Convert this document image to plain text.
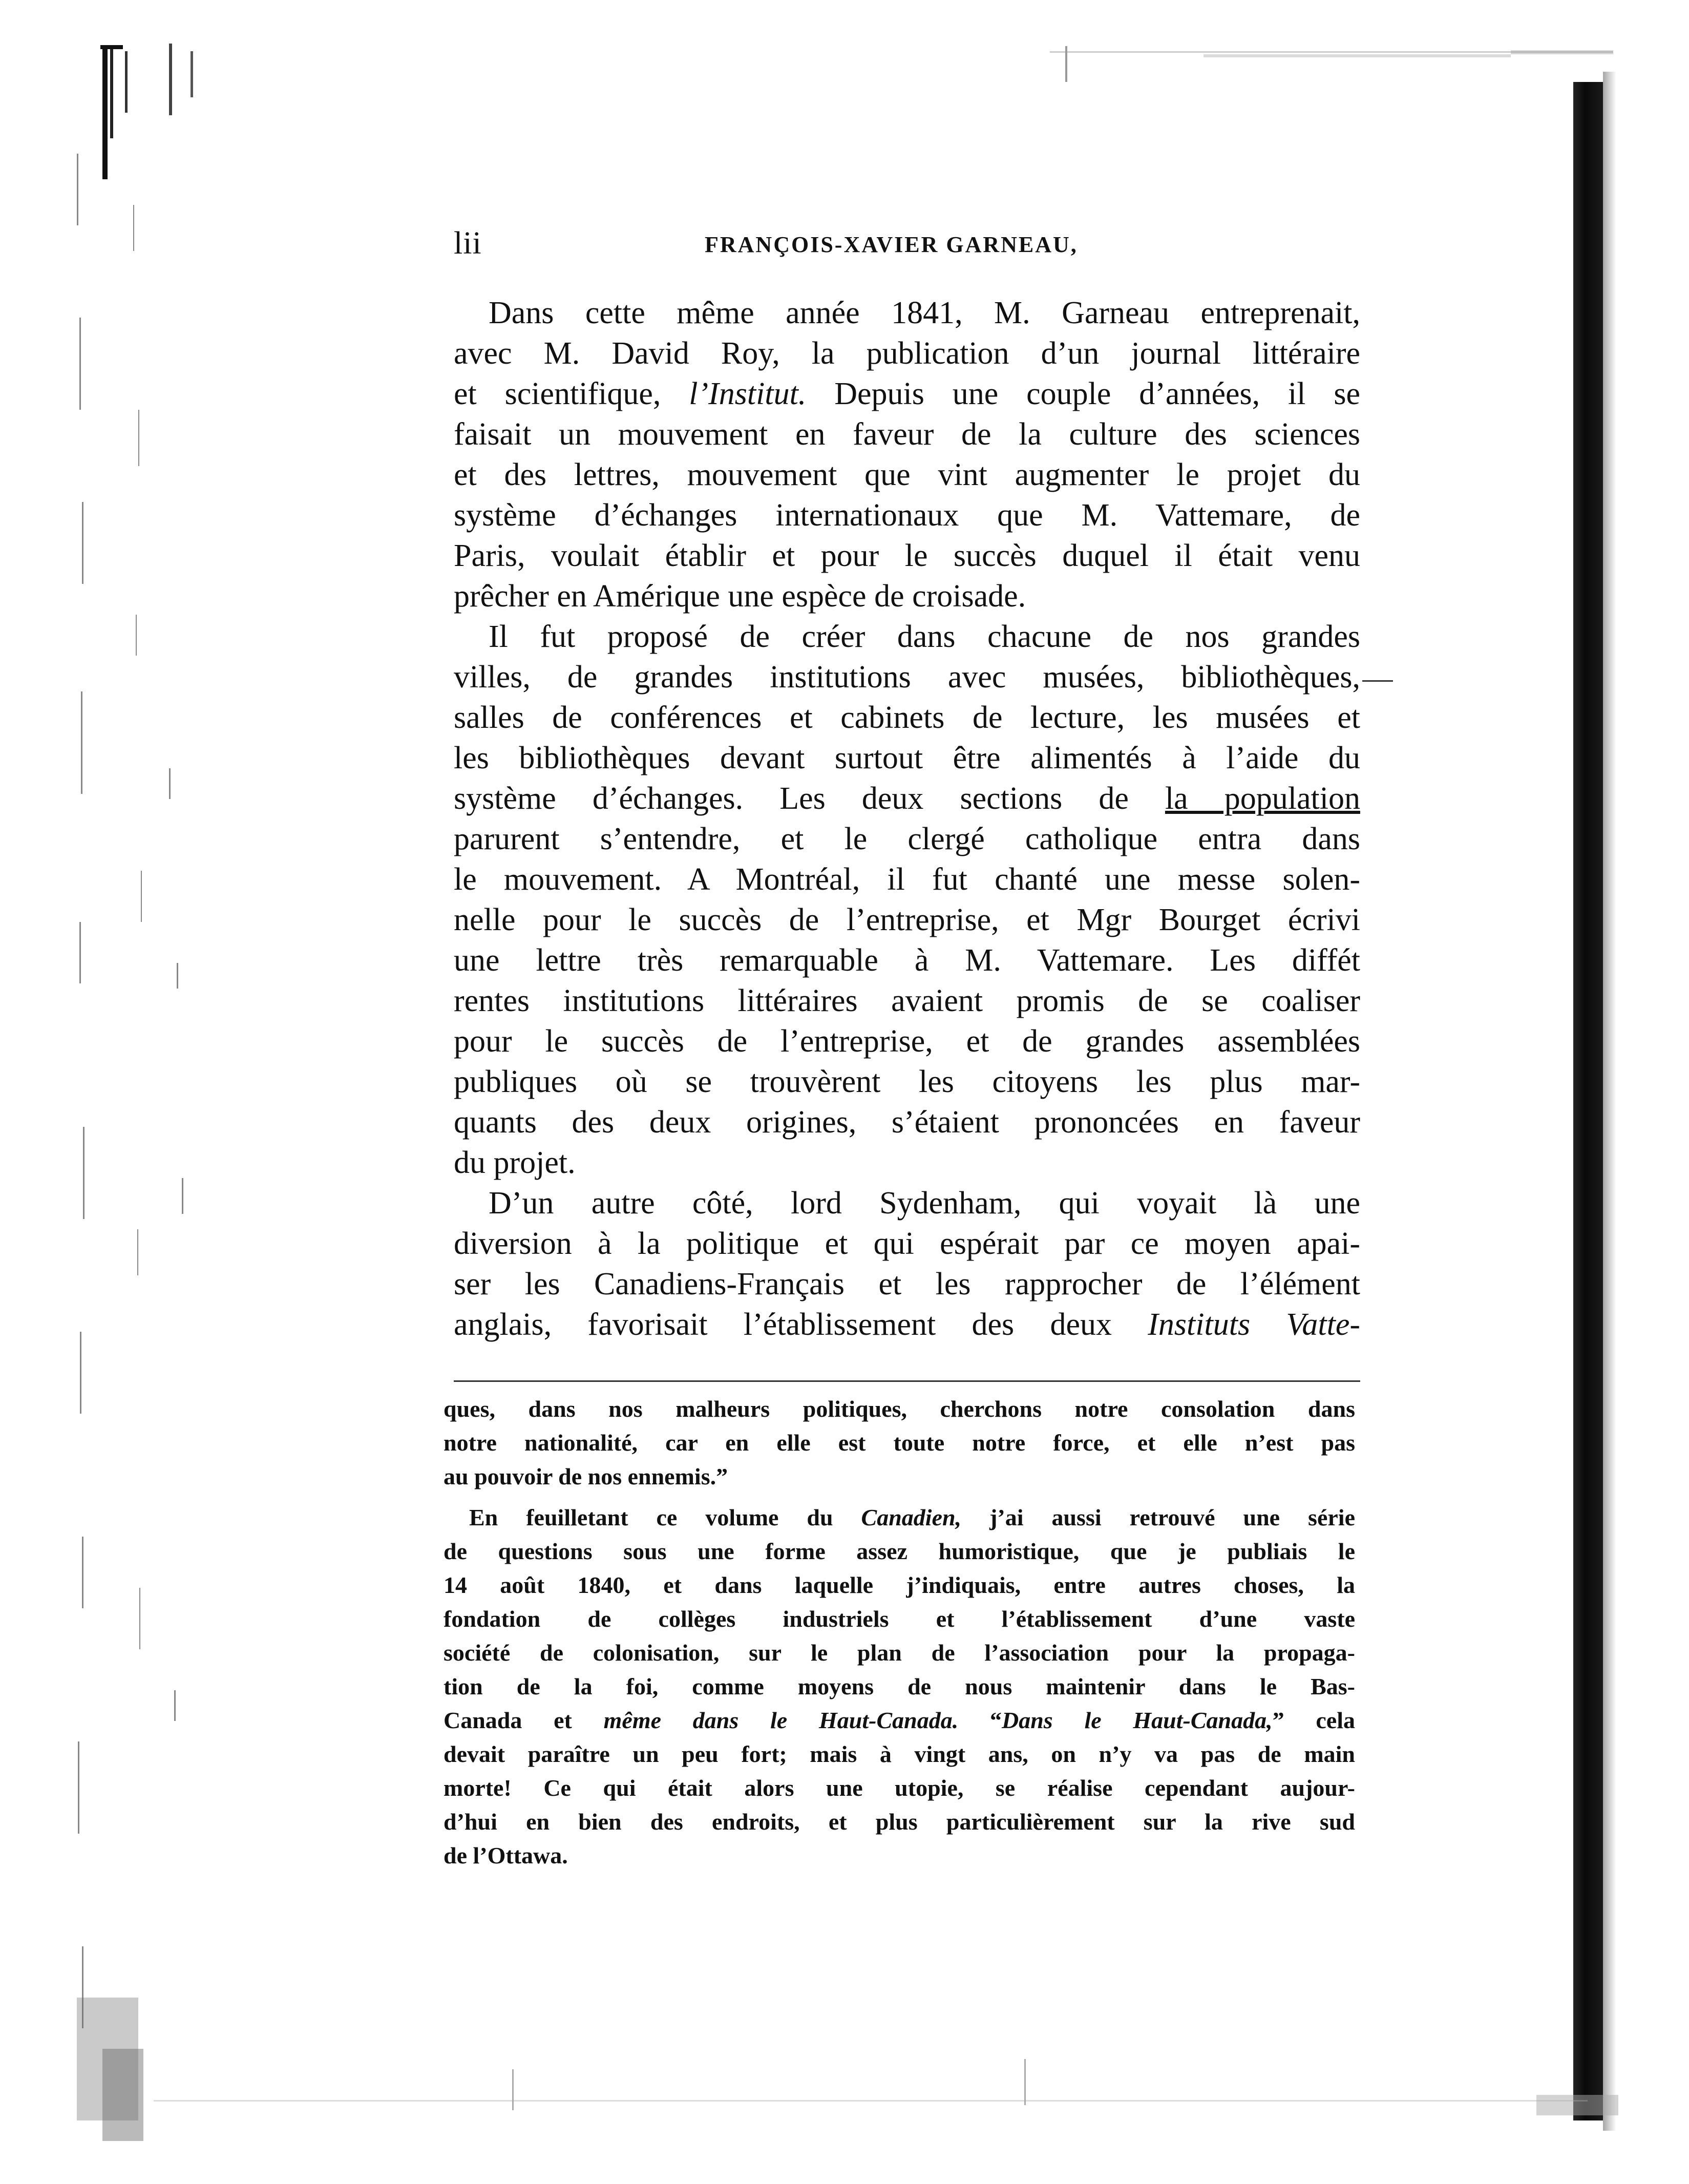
lii	FRANÇOIS-XAVIER GARNEAU,
Dans cette même année 1841, M. Garneau entreprenait,
avec M. David Roy, la publication d’un journal littéraire
et scientifique, l’Institut. Depuis une couple d’années, il se
faisait un mouvement en faveur de la culture des sciences
et des lettres, mouvement que vint augmenter le projet du
système d’échanges internationaux que M. Vattemare, de
Paris, voulait établir et pour le succès duquel il était venu
prêcher en Amérique une espèce de croisade.
Il fut proposé de créer dans chacune de nos grandes
villes, de grandes institutions avec musées, bibliothèques,
salles de conférences et cabinets de lecture, les musées et
les bibliothèques devant surtout être alimentés à l’aide du
système d’échanges. Les deux sections de la population
parurent s’entendre, et le clergé catholique entra dans
le mouvement. A Montréal, il fut chanté une messe solen-
nelle pour le succès de l’entreprise, et Mgr Bourget écrivi
une lettre très remarquable à M. Vattemare. Les diffét
rentes institutions littéraires avaient promis de se coaliser
pour le succès de l’entreprise, et de grandes assemblées
publiques où se trouvèrent les citoyens les plus mar-
quants des deux origines, s’étaient prononcées en faveur
du projet.
D’un autre côté, lord Sydenham, qui voyait là une
diversion à la politique et qui espérait par ce moyen apai-
ser les Canadiens-Français et les rapprocher de l’élément
anglais, favorisait l’établissement des deux Instituts Vatte-
ques, dans nos malheurs politiques, cherchons notre consolation dans
notre nationalité, car en elle est toute notre force, et elle n’est pas
au pouvoir de nos ennemis.”
En feuilletant ce volume du Canadien, j’ai aussi retrouvé une série
de questions sous une forme assez humoristique, que je publiais le
14 août 1840, et dans laquelle j’indiquais, entre autres choses, la
fondation de collèges industriels et l’établissement d’une vaste
société de colonisation, sur le plan de l’association pour la propaga-
tion de la foi, comme moyens de nous maintenir dans le Bas-
Canada et même dans le Haut-Canada. “Dans le Haut-Canada,” cela
devait paraître un peu fort; mais à vingt ans, on n’y va pas de main
morte! Ce qui était alors une utopie, se réalise cependant aujour-
d’hui en bien des endroits, et plus particulièrement sur la rive sud
de l’Ottawa.
